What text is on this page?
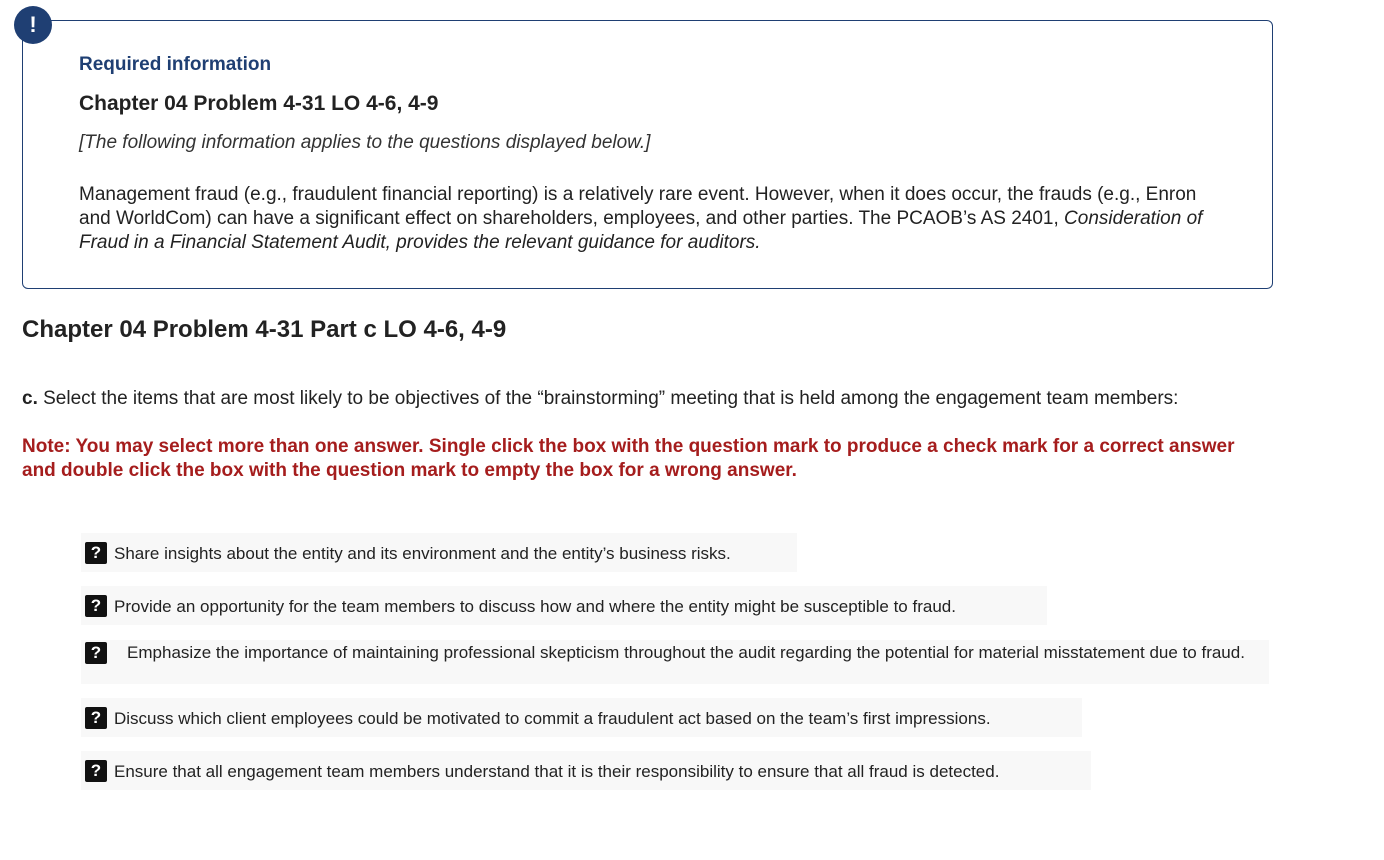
!
Required information
Chapter 04 Problem 4-31 LO 4-6, 4-9
[The following information applies to the questions displayed below.]
Management fraud (e.g., fraudulent financial reporting) is a relatively rare event. However, when it does occur, the frauds (e.g., Enron and WorldCom) can have a significant effect on shareholders, employees, and other parties. The PCAOB’s AS 2401, Consideration of Fraud in a Financial Statement Audit, provides the relevant guidance for auditors.
Chapter 04 Problem 4-31 Part c LO 4-6, 4-9
c. Select the items that are most likely to be objectives of the “brainstorming” meeting that is held among the engagement team members:
Note: You may select more than one answer. Single click the box with the question mark to produce a check mark for a correct answer and double click the box with the question mark to empty the box for a wrong answer.
? Share insights about the entity and its environment and the entity’s business risks.
? Provide an opportunity for the team members to discuss how and where the entity might be susceptible to fraud.
?	Emphasize the importance of maintaining professional skepticism throughout the audit regarding the potential for material misstatement due to fraud.
? Discuss which client employees could be motivated to commit a fraudulent act based on the team’s first impressions.
? Ensure that all engagement team members understand that it is their responsibility to ensure that all fraud is detected.
